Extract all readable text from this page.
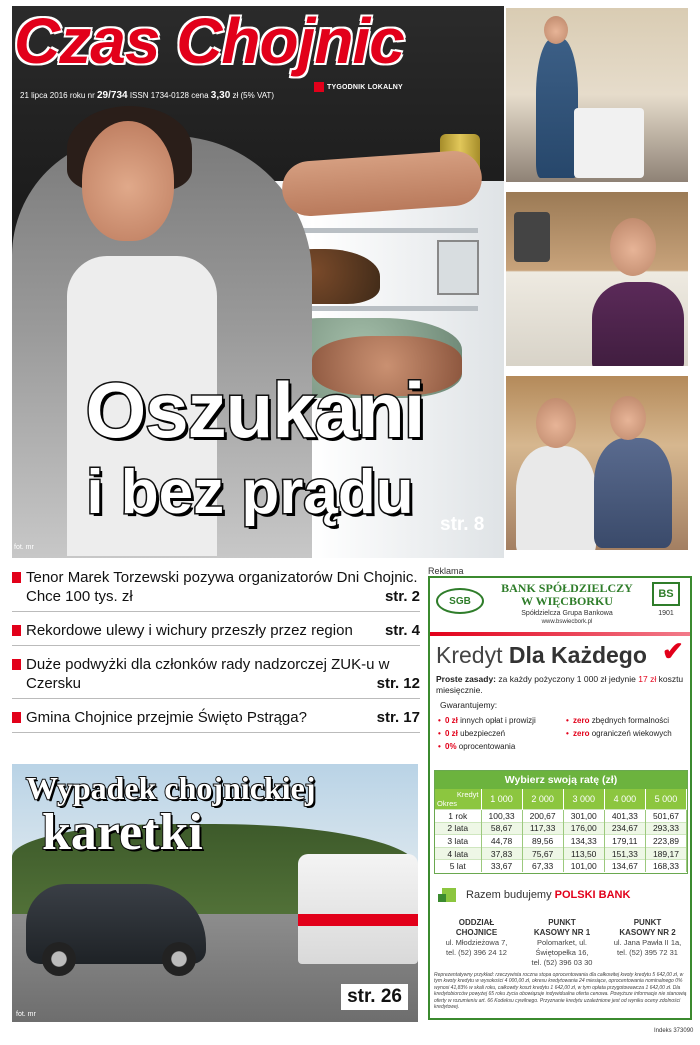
Czas Chojnic
TYGODNIK LOKALNY
21 lipca 2016 roku nr 29/734 ISSN 1734-0128 cena 3,30 zł (5% VAT)
Oszukani
i bez prądu	str. 8
fot. mr
Tenor Marek Torzewski pozywa organizatorów Dni Chojnic. Chce 100 tys. zł	str. 2
Rekordowe ulewy i wichury przeszły przez region str. 4
Duże podwyżki dla członków rady nadzorczej ZUK-u w Czersku	str. 12
Gmina Chojnice przejmie Święto Pstrąga?	str. 17
Wypadek chojnickiej
karetki
str. 26
fot. mr
Reklama
SGB
BANK SPÓŁDZIELCZY
W WIĘCBORKU
Spółdzielcza Grupa Bankowa
www.bswiecbork.pl
BS
1901
Kredyt Dla Każdego ✔
Proste zasady: za każdy pożyczony 1 000 zł jedynie 17 zł kosztu miesięcznie.
Gwarantujemy:
• 0 zł innych opłat i prowizji	• zero zbędnych formalności
• 0 zł ubezpieczeń	• zero ograniczeń wiekowych
• 0% oprocentowania
Wybierz swoją ratę (zł)
Kredyt
Okres	1 000	2 000	3 000	4 000	5 000
1 rok	100,33	200,67	301,00	401,33	501,67
2 lata	58,67	117,33	176,00	234,67	293,33
3 lata	44,78	89,56	134,33	179,11	223,89
4 lata	37,83	75,67	113,50	151,33	189,17
5 lat	33,67	67,33	101,00	134,67	168,33
Razem budujemy POLSKI BANK
ODDZIAŁ
CHOJNICE
ul. Młodzieżowa 7,
tel. (52) 396 24 12
PUNKT
KASOWY NR 1
Polomarket, ul. Świętopełka 16,
tel. (52) 396 03 30
PUNKT
KASOWY NR 2
ul. Jana Pawła II 1a,
tel. (52) 395 72 31
Reprezentatywny przykład: rzeczywista roczna stopa oprocentowania dla całkowitej kwoty kredytu 5 642,00 zł, w tym kwoty kredytu w wysokości 4 000,00 zł, okresu kredytowania 24 miesiące, oprocentowania nominalnego 0% wynosi 41,83% w skali roku, całkowity koszt kredytu 1 642,00 zł, w tym opłata przygotowawcza 1 642,00 zł. Dla kredytobiorców powyżej 65 roku życia obowiązuje indywidualna oferta cenowa. Powyższe informacje nie stanowią oferty w rozumieniu art. 66 Kodeksu cywilnego. Przyznanie kredytu uzależnione jest od wyniku oceny zdolności kredytowej.
Indeks 373090
